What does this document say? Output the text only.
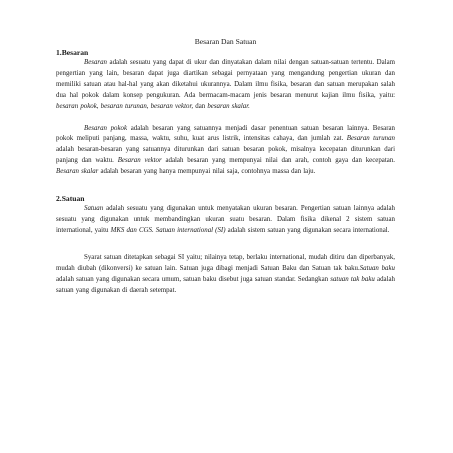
Besaran Dan Satuan
1.Besaran

Besaran adalah sesuatu yang dapat di ukur dan dinyatakan dalam nilai dengan satuan-satuan tertentu. Dalam pengertian yang lain, besaran dapat juga diartikan sebagai pernyataan yang mengandung pengertian ukuran dan memiliki satuan atau hal-hal yang akan diketahui ukurannya. Dalam ilmu fisika, besaran dan satuan merupakan salah dua hal pokok dalam konsep pengukuran. Ada bermacam-macam jenis besaran menurut kajian ilmu fisika, yaitu: besaran pokok, besaran turunan, besaran vektor, dan besaran skalar.

Besaran pokok adalah besaran yang satuannya menjadi dasar penentuan satuan besaran lainnya. Besaran pokok meliputi panjang, massa, waktu, suhu, kuat arus listrik, intensitas cahaya, dan jumlah zat. Besaran turunan adalah besaran-besaran yang satuannya diturunkan dari satuan besaran pokok, misalnya kecepatan diturunkan dari panjang dan waktu. Besaran vektor adalah besaran yang mempunyai nilai dan arah, contoh gaya dan kecepatan. Besaran skalar adalah besaran yang hanya mempunyai nilai saja, contohnya massa dan laju.

2.Satuan

Satuan adalah sesuatu yang digunakan untuk menyatakan ukuran besaran. Pengertian satuan lainnya adalah sesuatu yang digunakan untuk membandingkan ukuran suatu besaran. Dalam fisika dikenal 2 sistem satuan international, yaitu MKS dan CGS. Satuan international (SI) adalah sistem satuan yang digunakan secara international.

Syarat satuan ditetapkan sebagai SI yaitu; nilainya tetap, berlaku international, mudah ditiru dan diperbanyak, mudah diubah (dikonversi) ke satuan lain. Satuan juga dibagi menjadi Satuan Baku dan Satuan tak baku.Satuan baku adalah satuan yang digunakan secara umum, satuan baku disebut juga satuan standar. Sedangkan satuan tak baku adalah satuan yang digunakan di daerah setempat.
